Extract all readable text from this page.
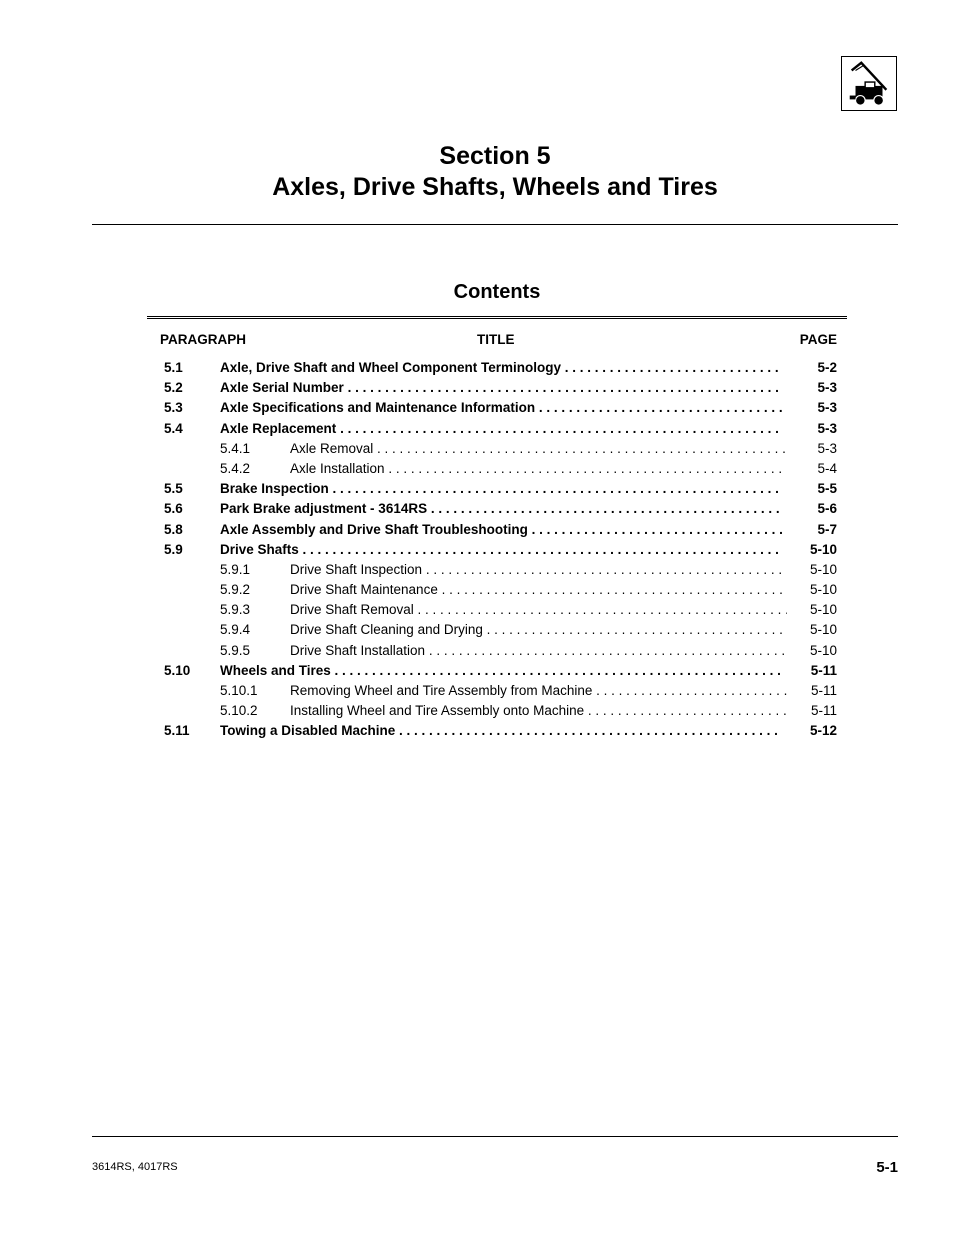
Section 5
Axles, Drive Shafts, Wheels and Tires
Contents
PARAGRAPH	TITLE	PAGE
5.1	Axle, Drive Shaft and Wheel Component Terminology . . .	5-2
5.2	Axle Serial Number . . .	5-3
5.3	Axle Specifications and Maintenance Information . . .	5-3
5.4	Axle Replacement . . .	5-3
5.4.1	Axle Removal . . .	5-3
5.4.2	Axle Installation . . .	5-4
5.5	Brake Inspection . . .	5-5
5.6	Park Brake adjustment - 3614RS . . .	5-6
5.8	Axle Assembly and Drive Shaft Troubleshooting . . .	5-7
5.9	Drive Shafts . . .	5-10
5.9.1	Drive Shaft Inspection . . .	5-10
5.9.2	Drive Shaft Maintenance . . .	5-10
5.9.3	Drive Shaft Removal . . .	5-10
5.9.4	Drive Shaft Cleaning and Drying . . .	5-10
5.9.5	Drive Shaft Installation . . .	5-10
5.10 Wheels and Tires . . .	5-11
5.10.1 Removing Wheel and Tire Assembly from Machine . . .	5-11
5.10.2 Installing Wheel and Tire Assembly onto Machine . . .	5-11
5.11 Towing a Disabled Machine . . .	5-12
3614RS, 4017RS	5-1
